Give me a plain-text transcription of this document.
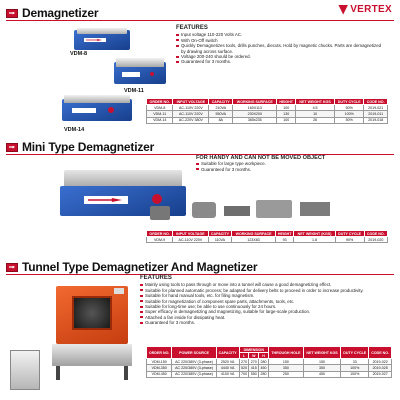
Demagnetizer	VERTEX
VDM-8
VDM-11
VDM-14
FEATURES
Input voltage 110-220 Volts AC.
With On-Off switch
Quickly Demagnetizes tools, drills punches, diecuts. Hold by magnetic chucks. Parts are demagnetized by drawing across surface.
Voltage 200-240 should be ordered.
Guaranteed for 3 months.
ORDER NO.	INPUT VOLTAGE	CAPACITY	WORKING SURFACE	HEIGHT	NET WEIGHT KGS	DUTY CYCLE	CODE NO.
VDM-8	AC-110V 220V	210VA	160X113	100	4.5	50%	2019-021
VDM-11	AC-110V 220V	550VA	230X200	130	10	100%	2019-011
VDM-14	AC-220V 380V	8A	365x235	100	26	50%	2019-018
Mini Type Demagnetizer
FOR HANDY AND CAN NOT BE MOVED OBJECT
Suitable for large type workpiece.
Guaranteed for 3 months.
ORDER NO.	INPUT VOLTAGE	CAPACITY	WORKING SURFACE	HEIGHT	NET WEIGHT (KGS)	DUTY CYCLE	CODE NO.
VDM-9	AC-110V 220V	110VA	123X83	93	1.8	90%	2019-020
Tunnel Type Demagnetizer And Magnetizer
FEATURES
Mainly using tools to pass through or move into a tunnel will cause a good demagnetizing effect.
Suitable for planned automatic process; be adapted for delivery belts to proceed in order to increase productivity.
Suitable for hand manual tools, etc. for filing magnetism.
Suitable for magnetization of component spare parts, attachments, tools, etc.
Suitable for long-time use; be able to use continuously for 24 hours.
Super efficacy in demagnetizing and magnetizing, suitable for large-scale production.
Attached a fan inside for dissipating heat.
Guaranteed for 3 months.
ORDER NO.	POWER SOURCE	CAPACITY	DIMENSION			THROUGH HOLE	NET WEIGHT KGS	DUTY CYCLE	CODE NO.
			L	W	H				
VDM-150	AC 220/380V (3-phase)	2520 VA	270	270	280	150	150	33	2019-022
VDM-350	AC 220/380V (3-phase)	4440 VA	520	415	450	350	350	100%	2019-025
VDM-450	AC 220/380V (3-phase)	4100 VA	700	550	280	250	450	100%	2019-027
